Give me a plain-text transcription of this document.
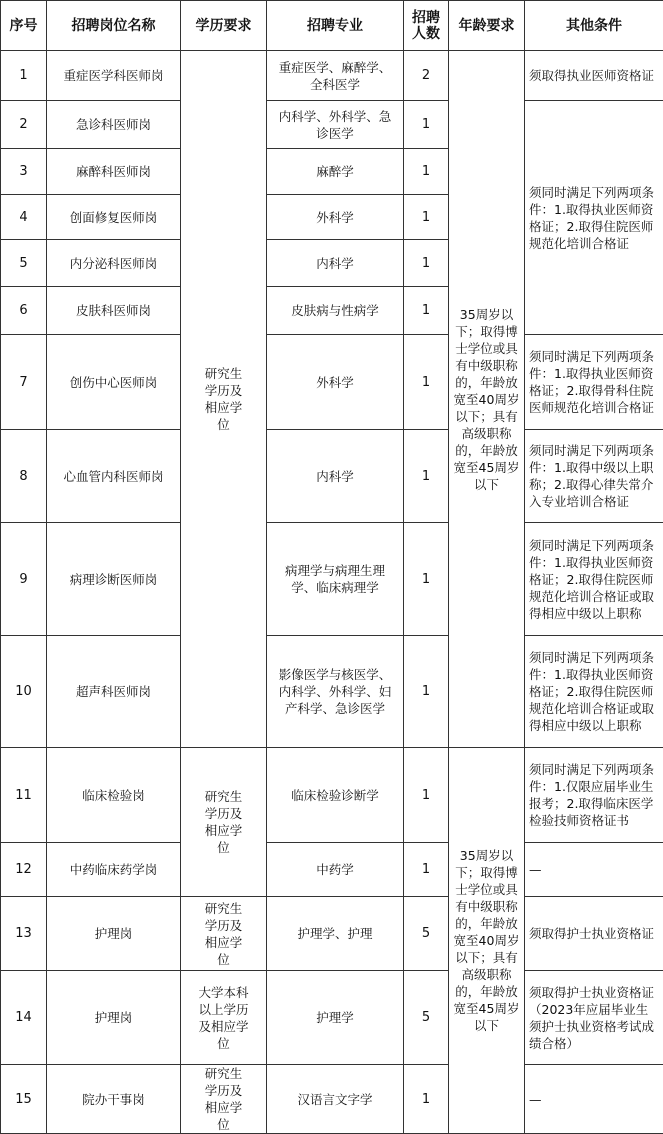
序号	招聘岗位名称	学历要求	招聘专业	招聘人数	年龄要求	其他条件
1	重症医学科医师岗	研究生学历及相应学位	重症医学、麻醉学、全科医学	2	35周岁以下；取得博士学位或具有中级职称的，年龄放宽至40周岁以下；具有高级职称的，年龄放宽至45周岁以下	须取得执业医师资格证
2	急诊科医师岗		内科学、外科学、急诊医学	1		须同时满足下列两项条件：1.取得执业医师资格证；2.取得住院医师规范化培训合格证
3	麻醉科医师岗		麻醉学	1		
4	创面修复医师岗		外科学	1		
5	内分泌科医师岗		内科学	1		
6	皮肤科医师岗		皮肤病与性病学	1		
7	创伤中心医师岗		外科学	1		须同时满足下列两项条件：1.取得执业医师资格证；2.取得骨科住院医师规范化培训合格证
8	心血管内科医师岗		内科学	1		须同时满足下列两项条件：1.取得中级以上职称；2.取得心律失常介入专业培训合格证
9	病理诊断医师岗		病理学与病理生理学、临床病理学	1		须同时满足下列两项条件：1.取得执业医师资格证；2.取得住院医师规范化培训合格证或取得相应中级以上职称
10	超声科医师岗		影像医学与核医学、内科学、外科学、妇产科学、急诊医学	1		须同时满足下列两项条件：1.取得执业医师资格证；2.取得住院医师规范化培训合格证或取得相应中级以上职称
11	临床检验岗	研究生学历及相应学位	临床检验诊断学	1	35周岁以下；取得博士学位或具有中级职称的，年龄放宽至40周岁以下；具有高级职称的，年龄放宽至45周岁以下	须同时满足下列两项条件：1.仅限应届毕业生报考；2.取得临床医学检验技师资格证书
12	中药临床药学岗		中药学	1		—
13	护理岗	研究生学历及相应学位	护理学、护理	5		须取得护士执业资格证
14	护理岗	大学本科以上学历及相应学位	护理学	5		须取得护士执业资格证（2023年应届毕业生须护士执业资格考试成绩合格）
15	院办干事岗	研究生学历及相应学位	汉语言文字学	1		—
